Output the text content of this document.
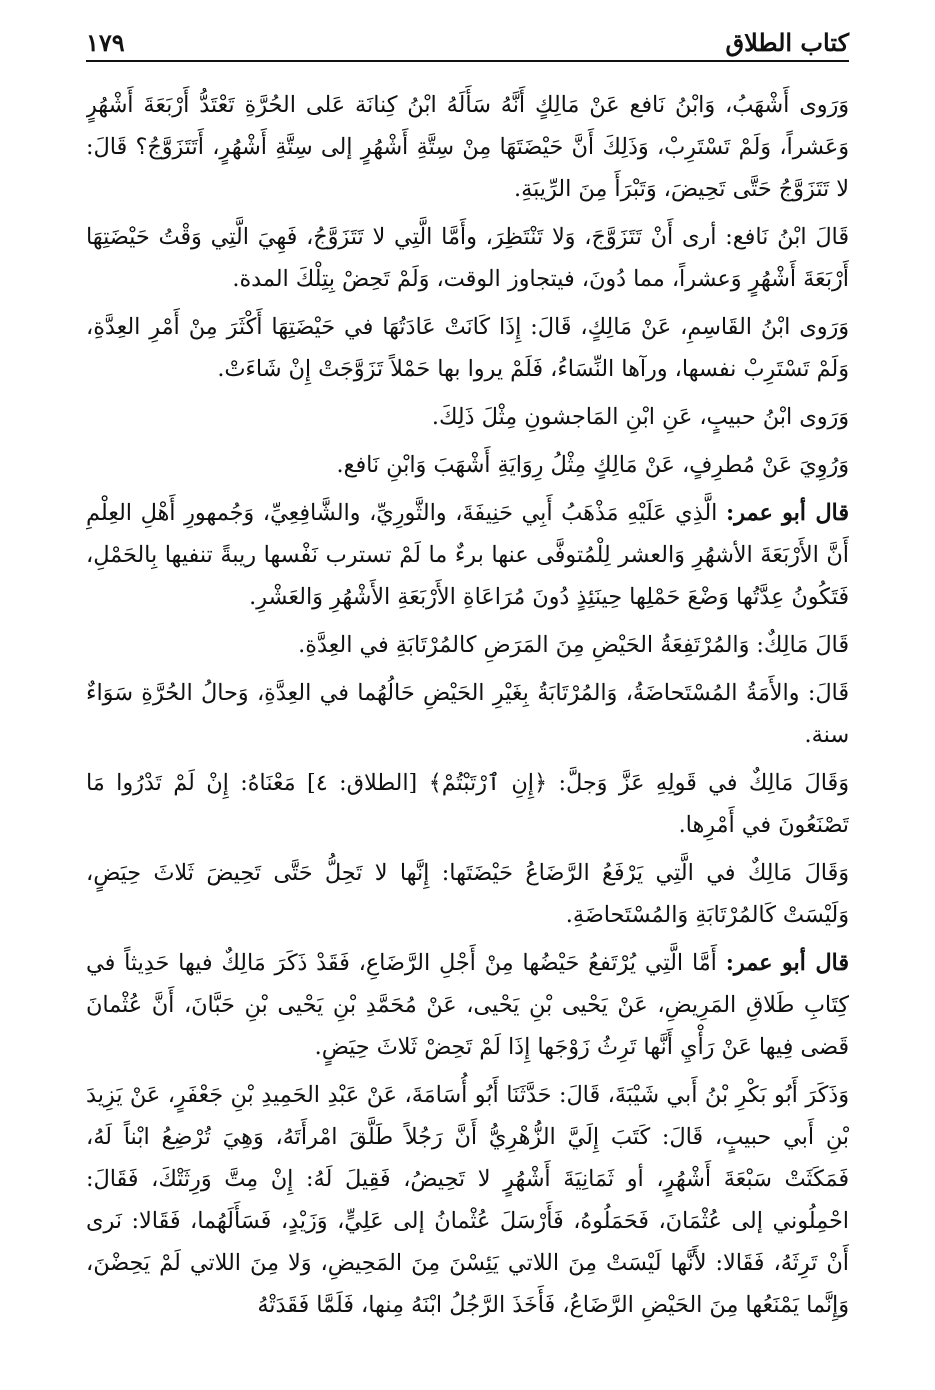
كتاب الطلاق
١٧٩

وَرَوى أَشْهَبُ، وَابْنُ نَافع عَنْ مَالِكٍ أَنَّهُ سَأَلَهُ ابْنُ كِنانَة عَلى الحُرَّةِ تَعْتَدُّ أَرْبَعَةَ أَشْهُرٍ وَعَشراً، وَلَمْ تَسْتَرِبْ، وَذَلِكَ أَنَّ حَيْضَتَهَا مِنْ سِتَّةِ أَشْهُرٍ إلى سِتَّةِ أَشْهُرٍ، أَتَتَزَوَّجُ؟ قَالَ: لا تَتَزَوَّجُ حَتَّى تَحِيضَ، وَتَبْرَأَ مِنَ الرِّيبَةِ.

قَالَ ابْنُ نَافع: أرى أَنْ تَتَزَوَّجَ، وَلا تَنْتَظِرَ، وأَمَّا الَّتِي لا تَتَزَوَّجُ، فَهِيَ الَّتِي وَقْتُ حَيْضَتِهَا أَرْبَعَةَ أَشْهُرٍ وَعشراً، مما دُونَ، فيتجاوز الوقت، وَلَمْ تَحِضْ بِتِلْكَ المدة.

وَرَوى ابْنُ القَاسِمِ، عَنْ مَالِكٍ، قَالَ: إِذَا كَانَتْ عَادَتُهَا في حَيْضَتِهَا أَكْثَرَ مِنْ أَمْرِ العِدَّةِ، وَلَمْ تَسْتَرِبْ نفسها، ورآها النِّسَاءُ، فَلَمْ يروا بها حَمْلاً تَزَوَّجَتْ إِنْ شَاءَتْ.

وَرَوى ابْنُ حبيبٍ، عَنِ ابْنِ المَاجشونِ مِثْلَ ذَلِكَ.

وَرُوِيَ عَنْ مُطرِفٍ، عَنْ مَالِكٍ مِثْلُ رِوَايَةِ أَشْهَبَ وَابْنِ نَافع.

قال أبو عمر: الَّذِي عَلَيْهِ مَذْهَبُ أَبِي حَنِيفَةَ، والثَّورِيِّ، والشَّافِعِيِّ، وَجُمهورِ أَهْلِ العِلْمِ أَنَّ الأَرْبَعَةَ الأشهُرِ وَالعشر لِلْمُتوفَّى عنها برءٌ ما لَمْ تسترب نَفْسها ريبةً تنفيها بِالحَمْلِ، فَتَكُونُ عِدَّتُها وَضْعَ حَمْلِها حِينَئِذٍ دُونَ مُرَاعَاةِ الأَرْبَعَةِ الأَشْهُرِ وَالعَشْرِ.

قَالَ مَالِكٌ: وَالمُرْتَفِعَةُ الحَيْضِ مِنَ المَرَضِ كالمُرْتَابَةِ في العِدَّةِ.

قَالَ: والأَمَةُ المُسْتَحاضَةُ، وَالمُرْتَابَةُ بِغَيْرِ الحَيْضِ حَالُهُما في العِدَّةِ، وَحالُ الحُرَّةِ سَوَاءٌ سنة.

وَقَالَ مَالِكٌ في قَولِهِ عَزَّ وَجلَّ: ﴿إِنِ ٱرْتَبْتُمْ﴾ [الطلاق: ٤] مَعْنَاهُ: إِنْ لَمْ تَدْرُوا مَا تَصْنَعُونَ في أَمْرِها.

وَقَالَ مَالِكٌ في الَّتِي يَرْفَعُ الرَّضَاعُ حَيْضَتَها: إِنَّها لا تَحِلُّ حَتَّى تَحِيضَ ثَلاثَ حِيَضٍ، وَلَيْسَتْ كَالمُرْتَابَةِ وَالمُسْتَحاضَةِ.

قال أبو عمر: أَمَّا الَّتِي يُرْتَفعُ حَيْضُها مِنْ أَجْلِ الرَّضَاعِ، فَقَدْ ذَكَرَ مَالِكٌ فيها حَدِيثاً في كِتَابِ طَلاقِ المَرِيضِ، عَنْ يَحْيى بْنِ يَحْيى، عَنْ مُحَمَّدِ بْنِ يَحْيى بْنِ حَبَّانَ، أَنَّ عُثْمانَ قَضى فِيها عَنْ رَأْيِ أَنَّها تَرِثُ زَوْجَها إِذَا لَمْ تَحِضْ ثَلاثَ حِيَضٍ.

وَذَكَرَ أَبُو بَكْرِ بْنُ أَبي شَيْبَةَ، قَالَ: حَدَّثَنَا أَبُو أُسَامَةَ، عَنْ عَبْدِ الحَمِيدِ بْنِ جَعْفَرٍ، عَنْ يَزِيدَ بْنِ أَبي حبيبٍ، قَالَ: كَتَبَ إِلَيَّ الزُّهْرِيُّ أَنَّ رَجُلاً طَلَّقَ امْرأَتَهُ، وَهِيَ تُرْضِعُ ابْناً لَهُ، فَمَكَثَتْ سَبْعَةَ أَشْهُرٍ، أو ثَمَانِيَةَ أَشْهُرٍ لا تَحِيضُ، فَقِيلَ لَهُ: إِنْ مِتَّ وَرِثَتْكَ، فَقَالَ: احْمِلُوني إلى عُثْمَانَ، فَحَمَلُوهُ، فَأَرْسَلَ عُثْمانُ إلى عَلِيٍّ، وَزَيْدٍ، فَسَأَلَهُما، فَقَالا: نَرى أَنْ تَرِثَهُ، فَقَالا: لأَنَّها لَيْسَتْ مِنَ اللاتي يَئِسْنَ مِنَ المَحِيضِ، وَلا مِنَ اللاتي لَمْ يَحِضْنَ، وَإِنَّما يَمْنَعُها مِنَ الحَيْضِ الرَّضَاعُ، فَأَخَذَ الرَّجُلُ ابْنَهُ مِنها، فَلَمَّا فَقَدَتْهُ
